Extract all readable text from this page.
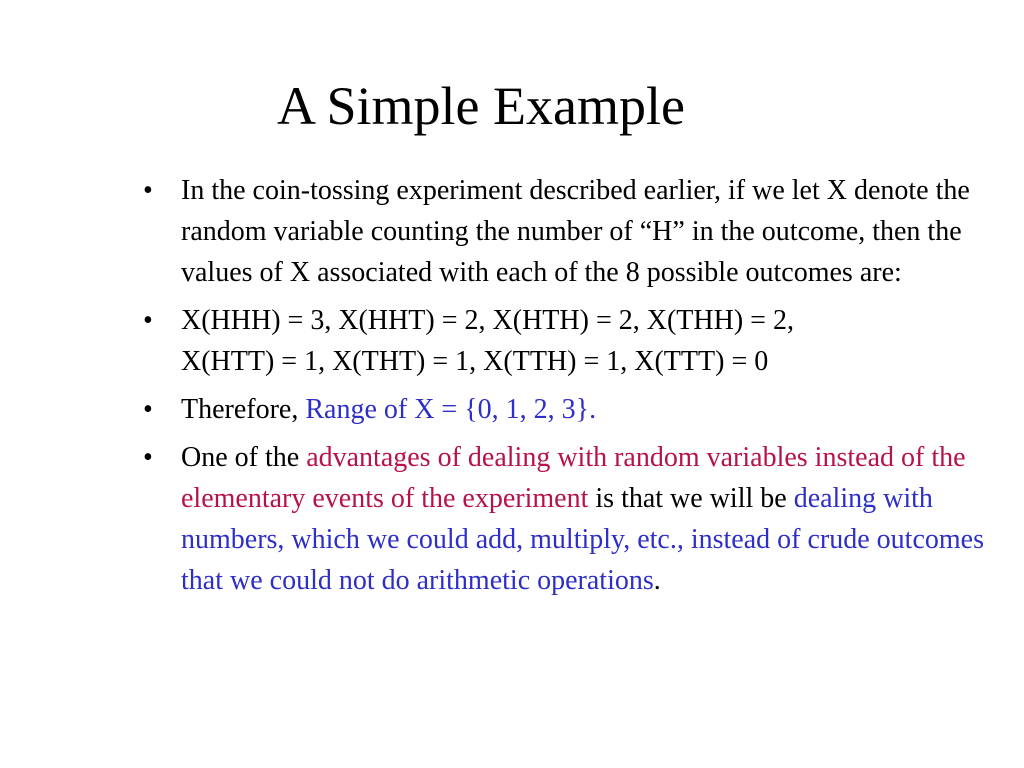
A Simple Example
• In the coin-tossing experiment described earlier, if we let X denote the random variable counting the number of “H” in the outcome, then the values of X associated with each of the 8 possible outcomes are:
• X(HHH) = 3, X(HHT) = 2, X(HTH) = 2, X(THH) = 2,
X(HTT) = 1, X(THT) = 1, X(TTH) = 1, X(TTT) = 0
• Therefore, Range of X = {0, 1, 2, 3}.
• One of the advantages of dealing with random variables instead of the elementary events of the experiment is that we will be dealing with numbers, which we could add, multiply, etc., instead of crude outcomes that we could not do arithmetic operations.
